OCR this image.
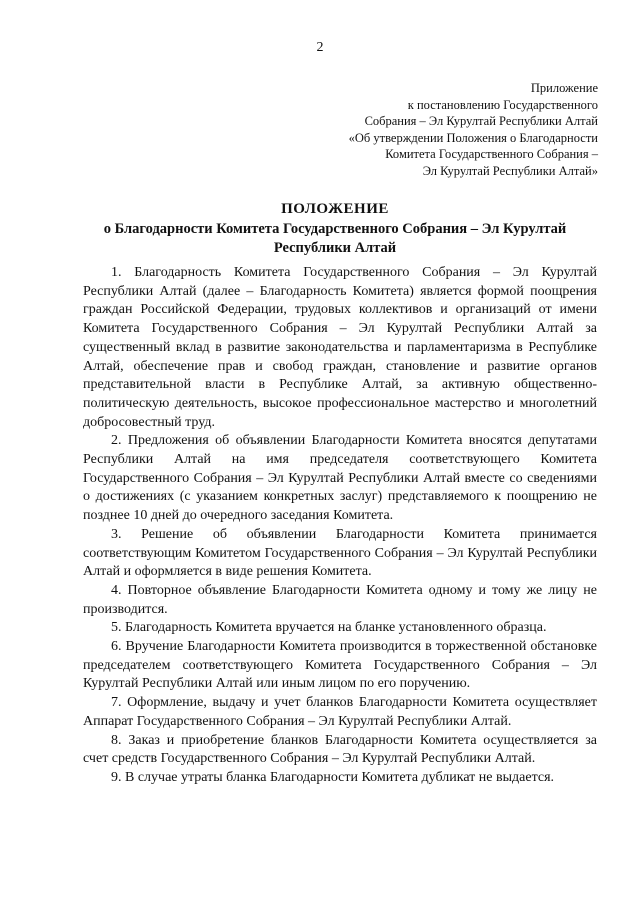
2
Приложение
к постановлению Государственного
Собрания – Эл Курултай Республики Алтай
«Об утверждении Положения о Благодарности
Комитета Государственного Собрания –
Эл Курултай Республики Алтай»
ПОЛОЖЕНИЕ
о Благодарности Комитета Государственного Собрания – Эл Курултай Республики Алтай

1. Благодарность Комитета Государственного Собрания – Эл Курултай Республики Алтай (далее – Благодарность Комитета) является формой поощрения граждан Российской Федерации, трудовых коллективов и организаций от имени Комитета Государственного Собрания – Эл Курултай Республики Алтай за существенный вклад в развитие законодательства и парламентаризма в Республике Алтай, обеспечение прав и свобод граждан, становление и развитие органов представительной власти в Республике Алтай, за активную общественно-политическую деятельность, высокое профессиональное мастерство и многолетний добросовестный труд.

2. Предложения об объявлении Благодарности Комитета вносятся депутатами Республики Алтай на имя председателя соответствующего Комитета Государственного Собрания – Эл Курултай Республики Алтай вместе со сведениями о достижениях (с указанием конкретных заслуг) представляемого к поощрению не позднее 10 дней до очередного заседания Комитета.

3. Решение об объявлении Благодарности Комитета принимается соответствующим Комитетом Государственного Собрания – Эл Курултай Республики Алтай и оформляется в виде решения Комитета.

4. Повторное объявление Благодарности Комитета одному и тому же лицу не производится.

5. Благодарность Комитета вручается на бланке установленного образца.

6. Вручение Благодарности Комитета производится в торжественной обстановке председателем соответствующего Комитета Государственного Собрания – Эл Курултай Республики Алтай или иным лицом по его поручению.

7. Оформление, выдачу и учет бланков Благодарности Комитета осуществляет Аппарат Государственного Собрания – Эл Курултай Республики Алтай.

8. Заказ и приобретение бланков Благодарности Комитета осуществляется за счет средств Государственного Собрания – Эл Курултай Республики Алтай.

9. В случае утраты бланка Благодарности Комитета дубликат не выдается.
